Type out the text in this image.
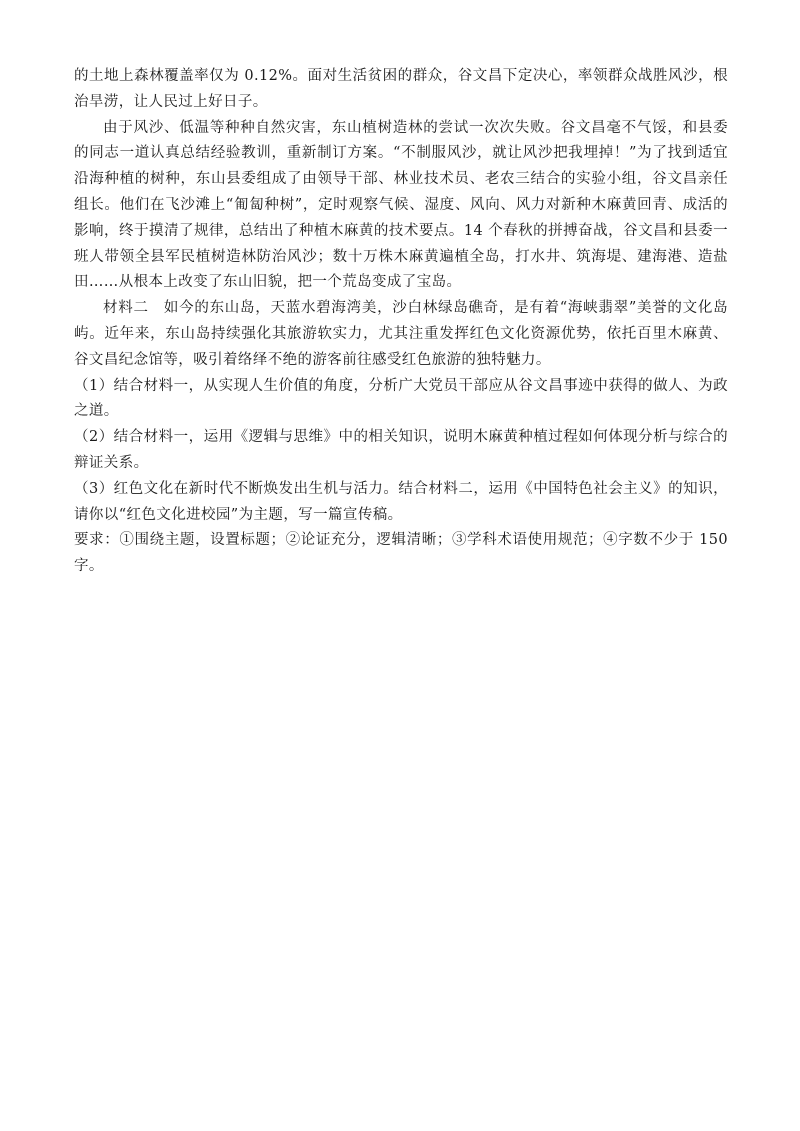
的土地上森林覆盖率仅为 0.12%。面对生活贫困的群众，谷文昌下定决心，率领群众战胜风沙，根治旱涝，让人民过上好日子。

由于风沙、低温等种种自然灾害，东山植树造林的尝试一次次失败。谷文昌毫不气馁，和县委的同志一道认真总结经验教训，重新制订方案。“不制服风沙，就让风沙把我埋掉！”为了找到适宜沿海种植的树种，东山县委组成了由领导干部、林业技术员、老农三结合的实验小组，谷文昌亲任组长。他们在飞沙滩上“匍匐种树”，定时观察气候、湿度、风向、风力对新种木麻黄回青、成活的影响，终于摸清了规律，总结出了种植木麻黄的技术要点。14 个春秋的拼搏奋战，谷文昌和县委一班人带领全县军民植树造林防治风沙；数十万株木麻黄遍植全岛，打水井、筑海堤、建海港、造盐田……从根本上改变了东山旧貌，把一个荒岛变成了宝岛。

材料二　如今的东山岛，天蓝水碧海湾美，沙白林绿岛礁奇，是有着“海峡翡翠”美誉的文化岛屿。近年来，东山岛持续强化其旅游软实力，尤其注重发挥红色文化资源优势，依托百里木麻黄、谷文昌纪念馆等，吸引着络绎不绝的游客前往感受红色旅游的独特魅力。

（1）结合材料一，从实现人生价值的角度，分析广大党员干部应从谷文昌事迹中获得的做人、为政之道。

（2）结合材料一，运用《逻辑与思维》中的相关知识，说明木麻黄种植过程如何体现分析与综合的辩证关系。

（3）红色文化在新时代不断焕发出生机与活力。结合材料二，运用《中国特色社会主义》的知识，请你以“红色文化进校园”为主题，写一篇宣传稿。

要求：①围绕主题，设置标题；②论证充分，逻辑清晰；③学科术语使用规范；④字数不少于 150 字。
